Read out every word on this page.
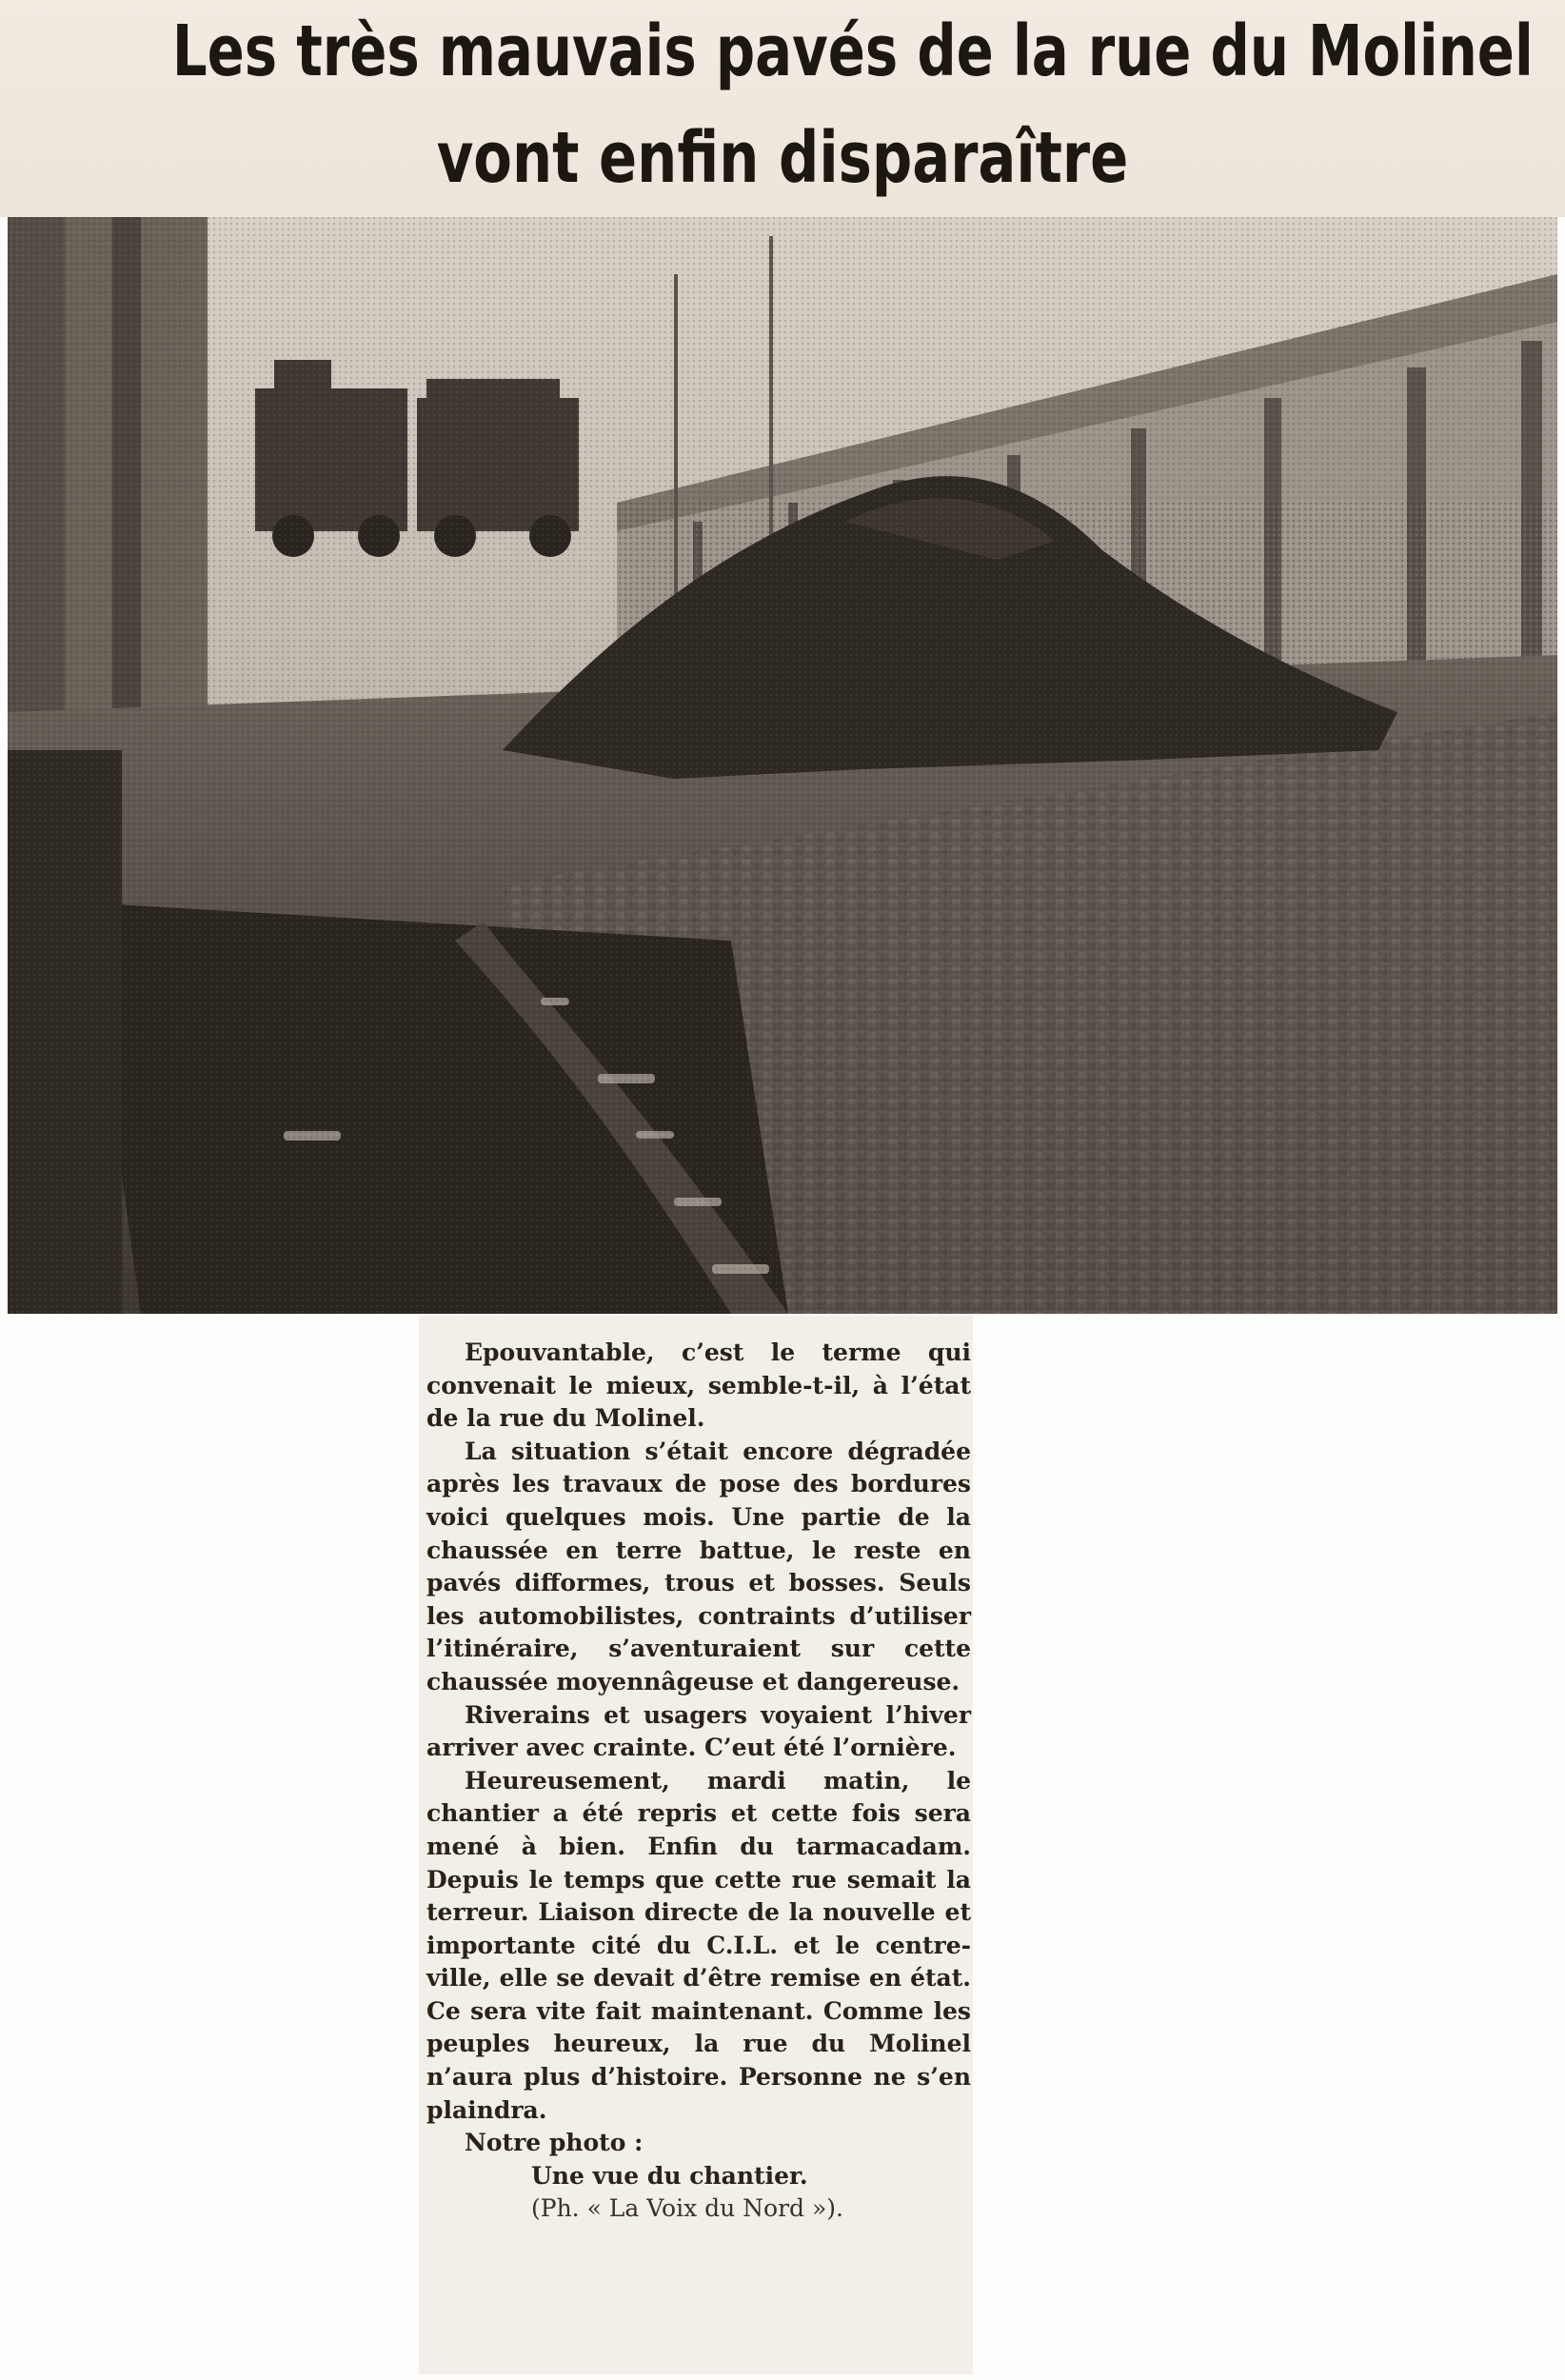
Les très mauvais pavés de la rue du Molinel
vont enfin disparaître

Epouvantable, c’est le terme qui convenait le mieux, semble-t-il, à l’état de la rue du Molinel.

La situation s’était encore dégradée après les travaux de pose des bordures voici quelques mois. Une partie de la chaussée en terre battue, le reste en pavés difformes, trous et bosses. Seuls les automobilistes, contraints d’utiliser l’itinéraire, s’aventuraient sur cette chaussée moyennâgeuse et dangereuse.

Riverains et usagers voyaient l’hiver arriver avec crainte. C’eut été l’ornière.

Heureusement, mardi matin, le chantier a été repris et cette fois sera mené à bien. Enfin du tarmacadam. Depuis le temps que cette rue semait la terreur. Liaison directe de la nouvelle et importante cité du C.I.L. et le centre-ville, elle se devait d’être remise en état. Ce sera vite fait maintenant. Comme les peuples heureux, la rue du Molinel n’aura plus d’histoire. Personne ne s’en plaindra.

Notre photo :
Une vue du chantier.
(Ph. « La Voix du Nord »).
